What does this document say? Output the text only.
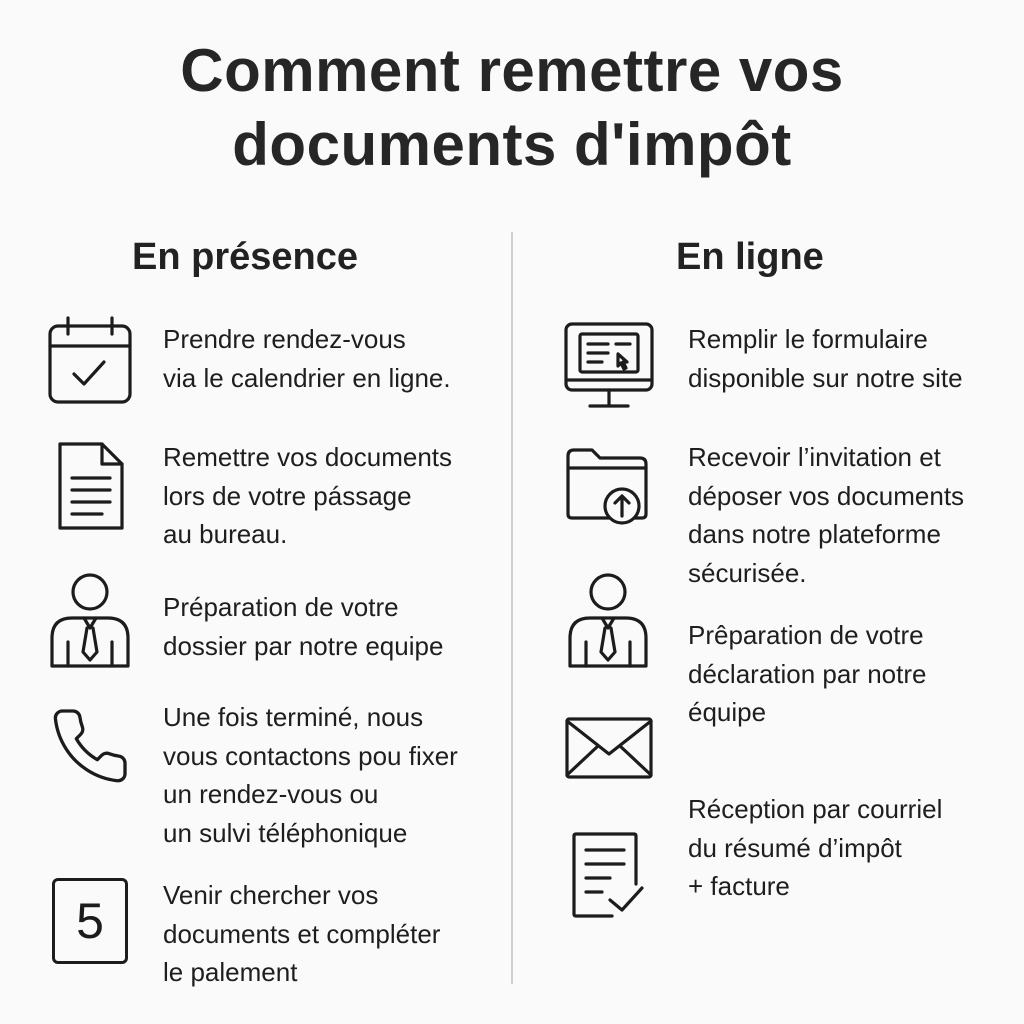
Comment remettre vos
documents d'impôt
En présence
Prendre rendez-vous
via le calendrier en ligne.
Remettre vos documents
lors de votre pássage
au bureau.
Préparation de votre
dossier par notre equipe
Une fois terminé, nous
vous contactons pou fixer
un rendez-vous ou
un sulvi téléphonique
5 Venir chercher vos
documents et compléter
le palement
En ligne
Remplir le formulaire
disponible sur notre site
Recevoir l’invitation et
déposer vos documents
dans notre plateforme
sécurisée.
Prêparation de votre
déclaration par notre
équipe
Réception par courriel
du résumé d’impôt
+ facture
